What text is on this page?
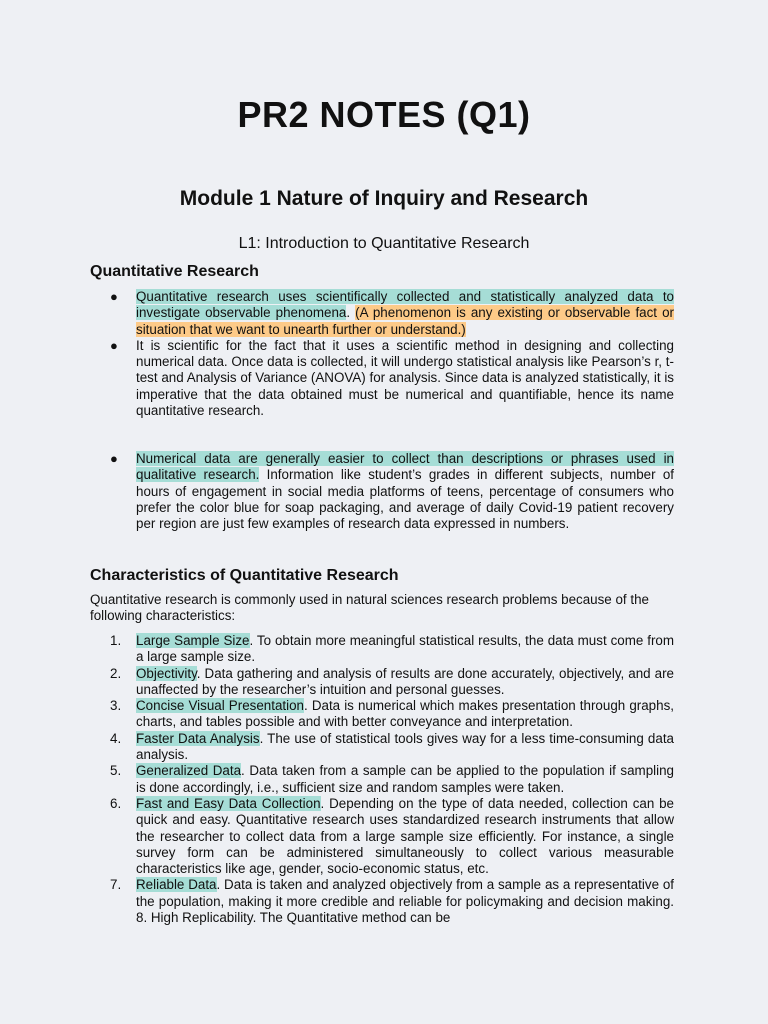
PR2 NOTES (Q1)
Module 1 Nature of Inquiry and Research
L1: Introduction to Quantitative Research
Quantitative Research
● Quantitative research uses scientifically collected and statistically analyzed data to investigate observable phenomena. (A phenomenon is any existing or observable fact or situation that we want to unearth further or understand.)
● It is scientific for the fact that it uses a scientific method in designing and collecting numerical data. Once data is collected, it will undergo statistical analysis like Pearson’s r, t-test and Analysis of Variance (ANOVA) for analysis. Since data is analyzed statistically, it is imperative that the data obtained must be numerical and quantifiable, hence its name quantitative research.
● Numerical data are generally easier to collect than descriptions or phrases used in qualitative research. Information like student’s grades in different subjects, number of hours of engagement in social media platforms of teens, percentage of consumers who prefer the color blue for soap packaging, and average of daily Covid-19 patient recovery per region are just few examples of research data expressed in numbers.
Characteristics of Quantitative Research
Quantitative research is commonly used in natural sciences research problems because of the following characteristics:
1. Large Sample Size. To obtain more meaningful statistical results, the data must come from a large sample size.
2. Objectivity. Data gathering and analysis of results are done accurately, objectively, and are unaffected by the researcher’s intuition and personal guesses.
3. Concise Visual Presentation. Data is numerical which makes presentation through graphs, charts, and tables possible and with better conveyance and interpretation.
4. Faster Data Analysis. The use of statistical tools gives way for a less time-consuming data analysis.
5. Generalized Data. Data taken from a sample can be applied to the population if sampling is done accordingly, i.e., sufficient size and random samples were taken.
6. Fast and Easy Data Collection. Depending on the type of data needed, collection can be quick and easy. Quantitative research uses standardized research instruments that allow the researcher to collect data from a large sample size efficiently. For instance, a single survey form can be administered simultaneously to collect various measurable characteristics like age, gender, socio-economic status, etc.
7. Reliable Data. Data is taken and analyzed objectively from a sample as a representative of the population, making it more credible and reliable for policymaking and decision making. 8. High Replicability. The Quantitative method can be
